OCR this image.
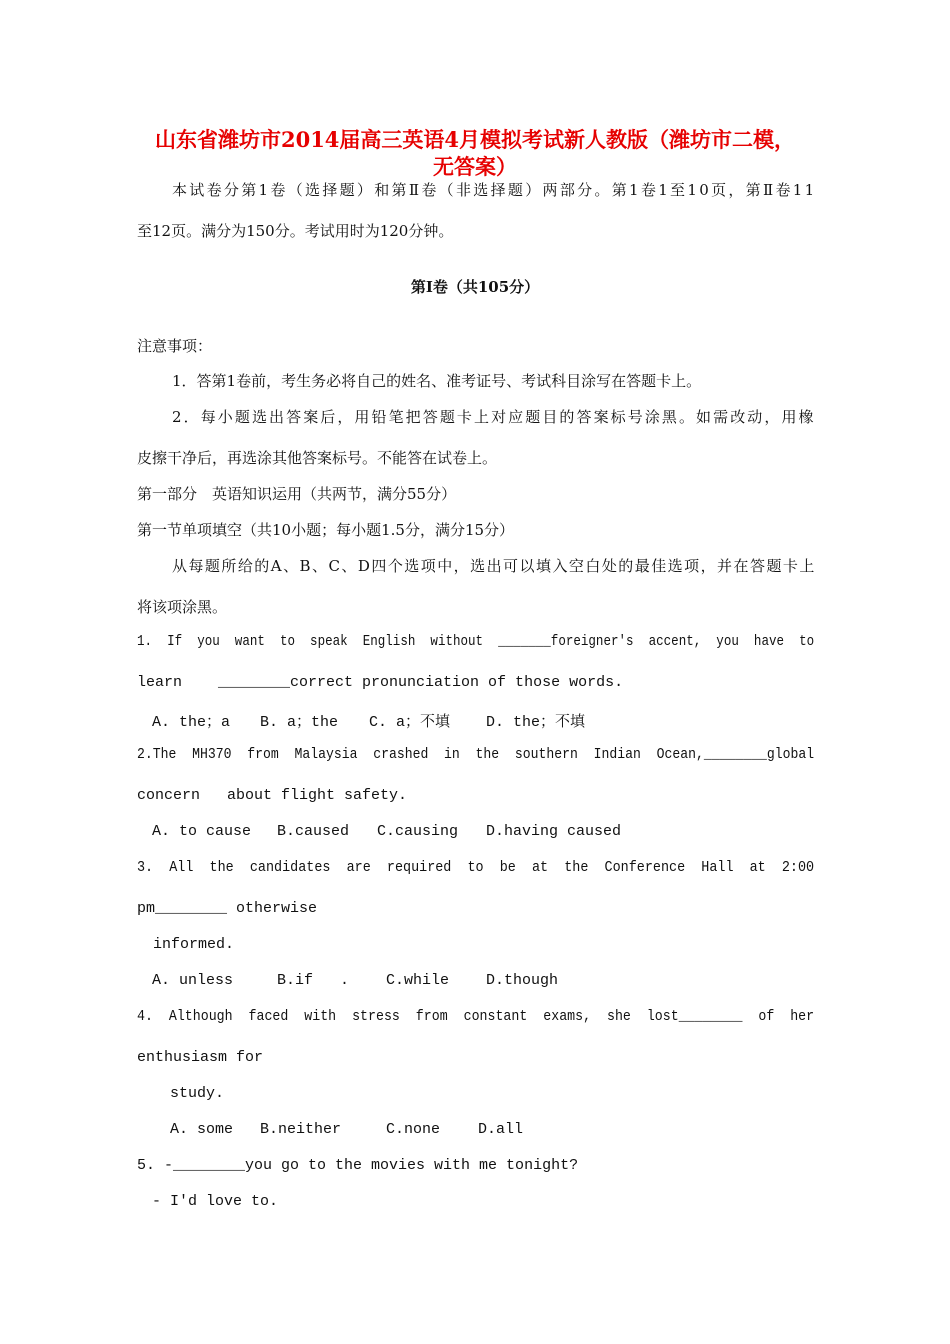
山东省潍坊市2014届高三英语4月模拟考试新人教版（潍坊市二模，
无答案）
本试卷分第1卷（选择题）和第Ⅱ卷（非选择题）两部分。第1卷1至10页，第Ⅱ卷11
至12页。满分为150分。考试用时为120分钟。
第Ⅰ卷（共105分）
注意事项：
1．答第1卷前，考生务必将自己的姓名、准考证号、考试科目涂写在答题卡上。
2．每小题选出答案后，用铅笔把答题卡上对应题目的答案标号涂黑。如需改动，用橡
皮擦干净后，再选涂其他答案标号。不能答在试卷上。
第一部分　英语知识运用（共两节，满分55分）
第一节单项填空（共10小题；每小题1.5分，满分15分）
从每题所给的A、B、C、D四个选项中，选出可以填入空白处的最佳选项，并在答题卡上
将该项涂黑。
1.  If  you  want  to  speak  English  without  _______foreigner's  accent,  you  have  to
learn    ________correct pronunciation of those words.
A. the；a B. a；the C. a；不填 D. the；不填
2.The  MH370  from  Malaysia  crashed  in  the  southern  Indian  Ocean,________global
concern   about flight safety.
A. to cause B.caused C.causing D.having caused
3.  All  the  candidates  are  required  to  be  at  the  Conference  Hall  at  2:00
pm________ otherwise
informed.
A. unless	B.if   . C.while D.though
4.  Although  faced  with  stress  from  constant  exams,  she  lost________  of  her
enthusiasm for
study.
A. some B.neither	C.none	D.all
5. -________you go to the movies with me tonight?
- I'd love to.
